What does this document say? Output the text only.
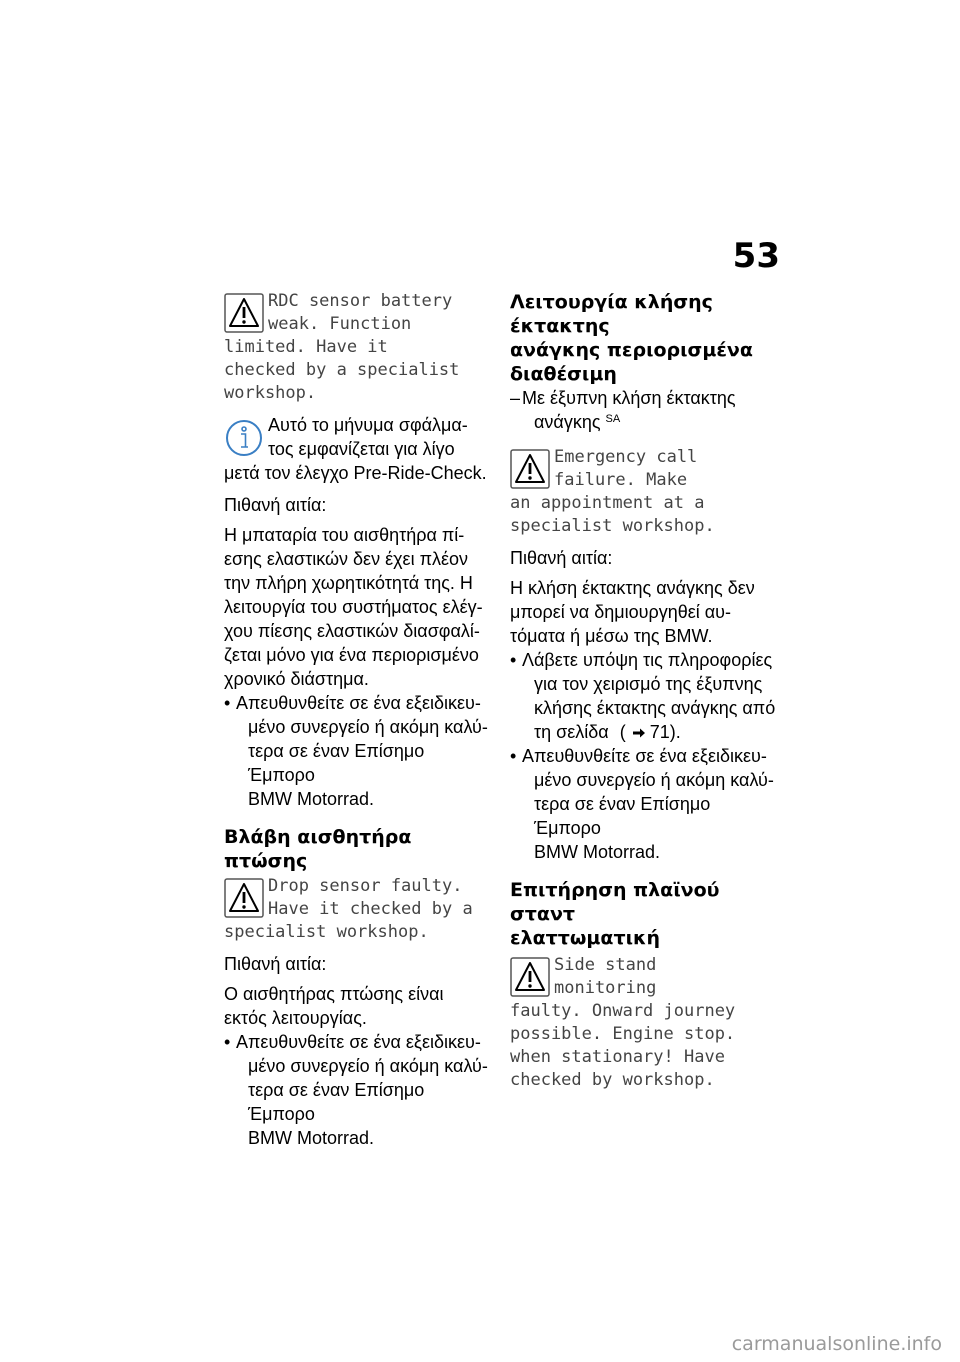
53
RDC sensor battery
weak. Function
limited. Have it
checked by a specialist
workshop.
Αυτό το μήνυμα σφάλμα-
τος εμφανίζεται για λίγο
μετά τον έλεγχο Pre-Ride-Check.
Πιθανή αιτία:
Η μπαταρία του αισθητήρα πί-
εσης ελαστικών δεν έχει πλέον
την πλήρη χωρητικότητά της. Η
λειτουργία του συστήματος ελέγ-
χου πίεσης ελαστικών διασφαλί-
ζεται μόνο για ένα περιορισμένο
χρονικό διάστημα.
• Απευθυνθείτε σε ένα εξειδικευ-
μένο συνεργείο ή ακόμη καλύ-
τερα σε έναν Επίσημο Έμπορο
BMW Motorrad.
Βλάβη αισθητήρα πτώσης
Drop sensor faulty.
Have it checked by a
specialist workshop.
Πιθανή αιτία:
Ο αισθητήρας πτώσης είναι
εκτός λειτουργίας.
• Απευθυνθείτε σε ένα εξειδικευ-
μένο συνεργείο ή ακόμη καλύ-
τερα σε έναν Επίσημο Έμπορο
BMW Motorrad.
Λειτουργία κλήσης έκτακτης
ανάγκης περιορισμένα
διαθέσιμη
– Με έξυπνη κλήση έκτακτης
ανάγκης $^{SA}$
Emergency call
failure. Make
an appointment at a
specialist workshop.
Πιθανή αιτία:
Η κλήση έκτακτης ανάγκης δεν
μπορεί να δημιουργηθεί αυ-
τόματα ή μέσω της BMW.
• Λάβετε υπόψη τις πληροφορίες
για τον χειρισμό της έξυπνης
κλήσης έκτακτης ανάγκης από
τη σελίδα ( 71).
• Απευθυνθείτε σε ένα εξειδικευ-
μένο συνεργείο ή ακόμη καλύ-
τερα σε έναν Επίσημο Έμπορο
BMW Motorrad.
Επιτήρηση πλαϊνού σταντ
ελαττωματική
Side stand
monitoring
faulty. Onward journey
possible. Engine stop.
when stationary! Have
checked by workshop.
carmanualsonline.info
